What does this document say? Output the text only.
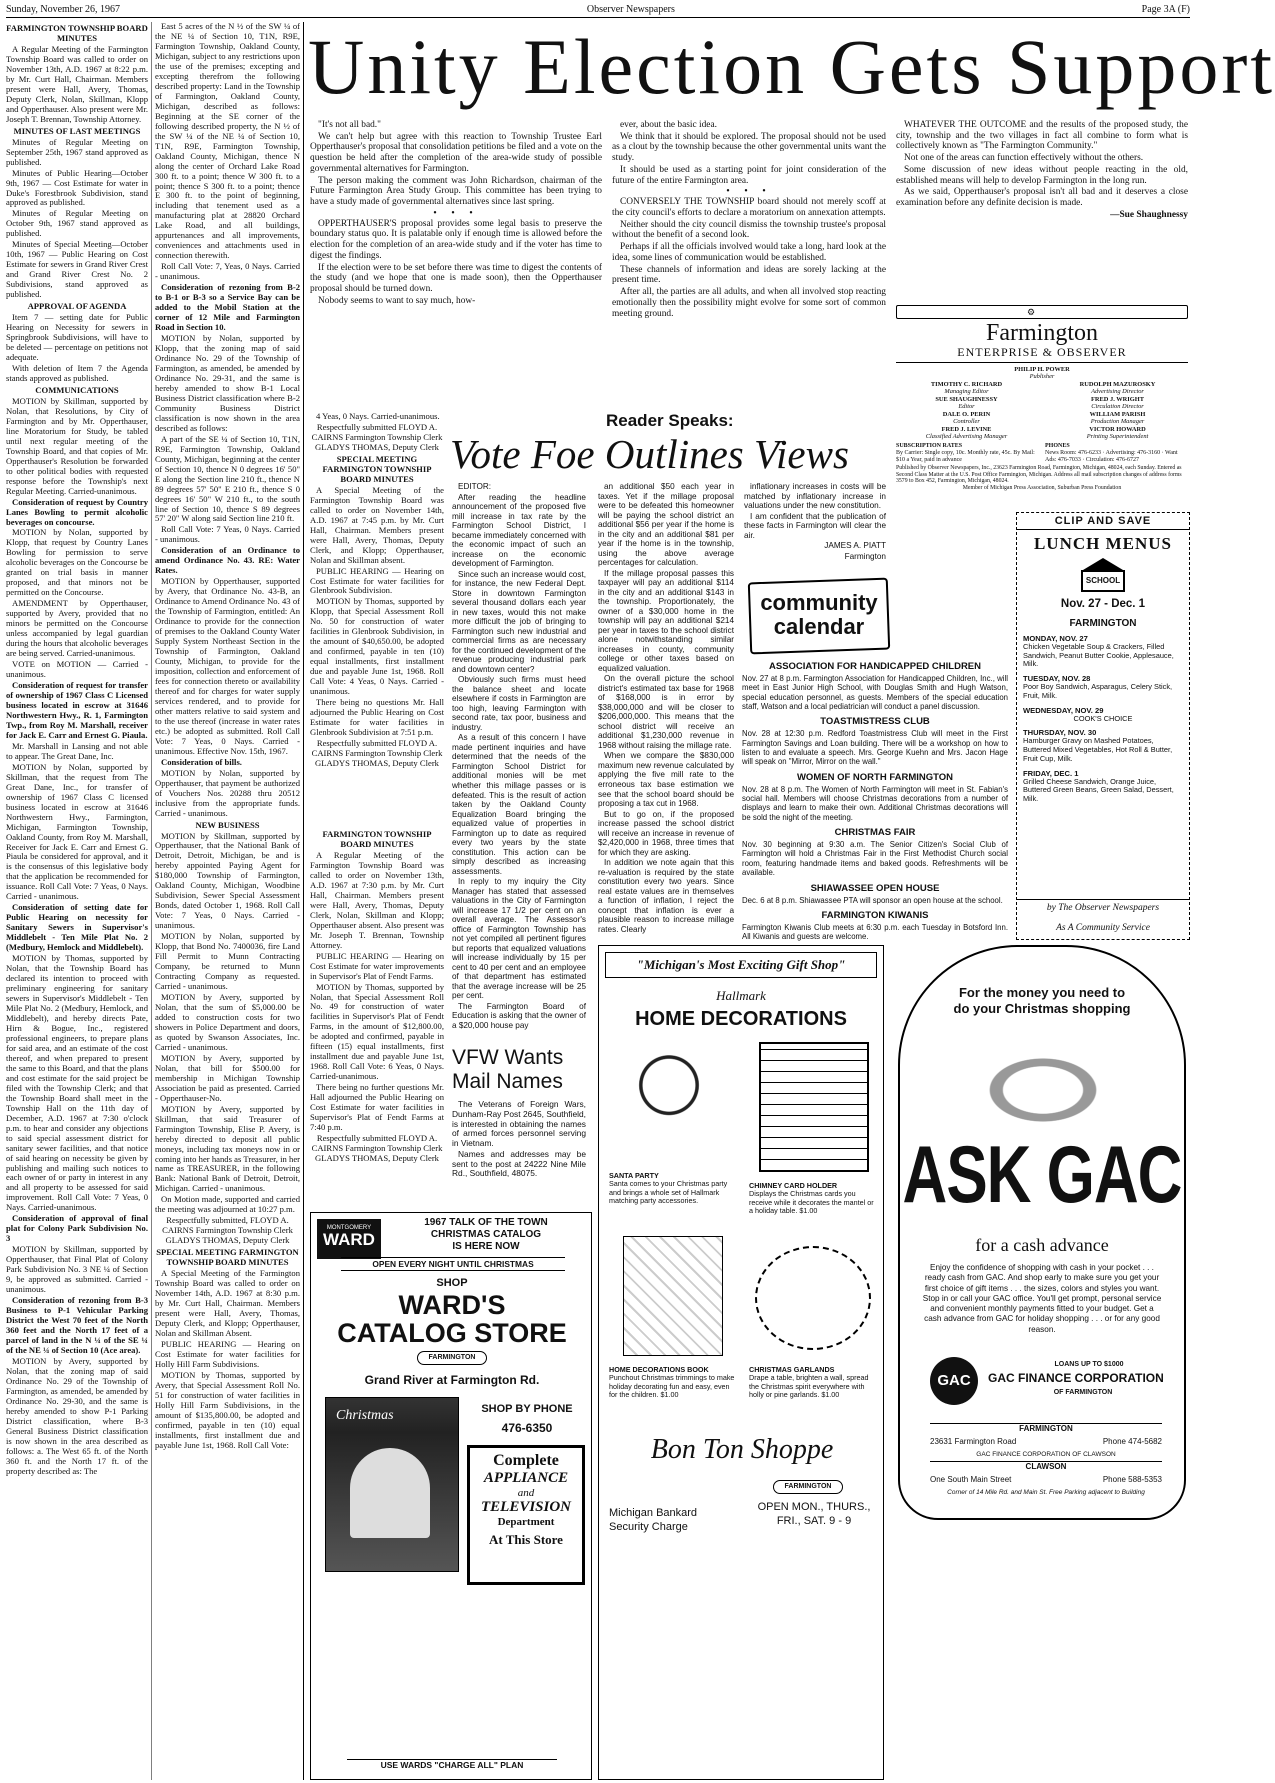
Sunday, November 26, 1967	Observer Newspapers	Page 3A (F)
FARMINGTON TOWNSHIP BOARD MINUTES

A Regular Meeting of the Farmington Township Board was called to order on November 13th, A.D. 1967 at 8:22 p.m. by Mr. Curt Hall, Chairman. Members present were Hall, Avery, Thomas, Deputy Clerk, Nolan, Skillman, Klopp and Opperthauser. Also present were Mr. Joseph T. Brennan, Township Attorney.

MINUTES OF LAST MEETINGS

Minutes of Regular Meeting on September 25th, 1967 stand approved as published.

Minutes of Public Hearing—October 9th, 1967 — Cost Estimate for water in Duke's Forestbrook Subdivision, stand approved as published.

Minutes of Regular Meeting on October 9th, 1967 stand approved as published.

Minutes of Special Meeting—October 10th, 1967 — Public Hearing on Cost Estimate for sewers in Grand River Crest and Grand River Crest No. 2 Subdivisions, stand approved as published.

APPROVAL OF AGENDA

Item 7 — setting date for Public Hearing on Necessity for sewers in Springbrook Subdivisions, will have to be deleted — percentage on petitions not adequate.

With deletion of Item 7 the Agenda stands approved as published.

COMMUNICATIONS

MOTION by Skillman, supported by Nolan, that Resolutions, by City of Farmington and by Mr. Opperthauser, line Moratorium for Study, be tabled until next regular meeting of the Township Board, and that copies of Mr. Opperthauser's Resolution be forwarded to other political bodies with requested response before the Township's next Regular Meeting. Carried-unanimous.

Consideration of request by Country Lanes Bowling to permit alcoholic beverages on concourse.

MOTION by Nolan, supported by Klopp, that request by Country Lanes Bowling for permission to serve alcoholic beverages on the Concourse be granted on trial basis in manner proposed, and that minors not be permitted on the Concourse.

AMENDMENT by Opperthauser, supported by Avery, provided that no minors be permitted on the Concourse unless accompanied by legal guardian during the hours that alcoholic beverages are being served. Carried-unanimous.

VOTE on MOTION — Carried - unanimous.

Consideration of request for transfer of ownership of 1967 Class C Licensed business located in escrow at 31646 Northwestern Hwy., R. 1, Farmington Twp., from Roy M. Marshall, receiver for Jack E. Carr and Ernest G. Piaula.

Mr. Marshall in Lansing and not able to appear. The Great Dane, Inc.

MOTION by Nolan, supported by Skillman, that the request from The Great Dane, Inc., for transfer of ownership of 1967 Class C licensed business located in escrow at 31646 Northwestern Hwy., Farmington, Michigan, Farmington Township, Oakland County, from Roy M. Marshall, Receiver for Jack E. Carr and Ernest G. Piaula be considered for approval, and it is the consensus of this legislative body that the application be recommended for issuance. Roll Call Vote: 7 Yeas, 0 Nays. Carried - unanimous.

Consideration of setting date for Public Hearing on necessity for Sanitary Sewers in Supervisor's Middlebelt - Ten Mile Plat No. 2 (Medbury, Hemlock and Middlebelt).

MOTION by Thomas, supported by Nolan, that the Township Board has declared its intention to proceed with preliminary engineering for sanitary sewers in Supervisor's Middlebelt - Ten Mile Plat No. 2 (Medbury, Hemlock, and Middlebelt), and hereby directs Pate, Hirn & Bogue, Inc., registered professional engineers, to prepare plans for said area, and an estimate of the cost thereof, and when prepared to present the same to this Board, and that the plans and cost estimate for the said project be filed with the Township Clerk; and that the Township Board shall meet in the Township Hall on the 11th day of December, A.D. 1967 at 7:30 o'clock p.m. to hear and consider any objections to said special assessment district for sanitary sewer facilities, and that notice of said hearing on necessity be given by publishing and mailing such notices to each owner of or party in interest in any and all property to be assessed for said improvement. Roll Call Vote: 7 Yeas, 0 Nays. Carried-unanimous.

Consideration of approval of final plat for Colony Park Subdivision No. 3

MOTION by Skillman, supported by Opperthauser, that Final Plat of Colony Park Subdivision No. 3 NE ¼ of Section 9, be approved as submitted. Carried - unanimous.

Consideration of rezoning from B-3 Business to P-1 Vehicular Parking District the West 70 feet of the North 360 feet and the North 17 feet of a parcel of land in the N ¼ of the SE ¼ of the NE ¼ of Section 10 (Ace area).

MOTION by Avery, supported by Nolan, that the zoning map of said Ordinance No. 29 of the Township of Farmington, as amended, be amended by Ordinance No. 29-30, and the same is hereby amended to show P-1 Parking District classification, where B-3 General Business District classification is now shown in the area described as follows: a. The West 65 ft. of the North 360 ft. and the North 17 ft. of the property described as: The

East 5 acres of the N ½ of the SW ¼ of the NE ¼ of Section 10, T1N, R9E, Farmington Township, Oakland County, Michigan, subject to any restrictions upon the use of the premises; excepting and excepting therefrom the following described property: Land in the Township of Farmington, Oakland County, Michigan, described as follows: Beginning at the SE corner of the following described property, the N ½ of the SW ¼ of the NE ¼ of Section 10, T1N, R9E, Farmington Township, Oakland County, Michigan, thence N along the center of Orchard Lake Road 300 ft. to a point; thence W 300 ft. to a point; thence S 300 ft. to a point; thence E 300 ft. to the point of beginning, including that tenement used as a manufacturing plat at 28820 Orchard Lake Road, and all buildings, appurtenances and all improvements, conveniences and attachments used in connection therewith.

Roll Call Vote: 7, Yeas, 0 Nays. Carried - unanimous.

Consideration of rezoning from B-2 to B-1 or B-3 so a Service Bay can be added to the Mobil Station at the corner of 12 Mile and Farmington Road in Section 10.

MOTION by Nolan, supported by Klopp, that the zoning map of said Ordinance No. 29 of the Township of Farmington, as amended, be amended by Ordinance No. 29-31, and the same is hereby amended to show B-1 Local Business District classification where B-2 Community Business District classification is now shown in the area described as follows:

A part of the SE ¼ of Section 10, T1N, R9E, Farmington Township, Oakland County, Michigan, beginning at the center of Section 10, thence N 0 degrees 16' 50" E along the Section line 210 ft., thence N 89 degrees 57' 50" E 210 ft., thence S 0 degrees 16' 50" W 210 ft., to the south line of Section 10, thence S 89 degrees 57' 20" W along said Section line 210 ft.

Roll Call Vote: 7 Yeas, 0 Nays. Carried - unanimous.

Consideration of an Ordinance to amend Ordinance No. 43. RE: Water Rates.

MOTION by Opperthauser, supported by Avery, that Ordinance No. 43-B, an Ordinance to Amend Ordinance No. 43 of the Township of Farmington, entitled: An Ordinance to provide for the connection of premises to the Oakland County Water Supply System Northeast Section in the Township of Farmington, Oakland County, Michigan, to provide for the imposition, collection and enforcement of fees for connection thereto or availability thereof and for charges for water supply services rendered, and to provide for other matters relative to said system and to the use thereof (increase in water rates etc.) be adopted as submitted. Roll Call Vote: 7 Yeas, 0 Nays. Carried - unanimous. Effective Nov. 15th, 1967.

Consideration of bills.

MOTION by Nolan, supported by Opperthauser, that payment be authorized of Vouchers Nos. 20288 thru 20512 inclusive from the appropriate funds. Carried - unanimous.

NEW BUSINESS

MOTION by Skillman, supported by Opperthauser, that the National Bank of Detroit, Detroit, Michigan, be and is hereby appointed Paying Agent for $180,000 Township of Farmington, Oakland County, Michigan, Woodbine Subdivision, Sewer Special Assessment Bonds, dated October 1, 1968. Roll Call Vote: 7 Yeas, 0 Nays. Carried - unanimous.

MOTION by Nolan, supported by Klopp, that Bond No. 7400036, fire Land Fill Permit to Munn Contracting Company, be returned to Munn Contracting Company as requested. Carried - unanimous.

MOTION by Avery, supported by Nolan, that the sum of $5,000.00 be added to construction costs for two showers in Police Department and doors, as quoted by Swanson Associates, Inc. Carried - unanimous.

MOTION by Avery, supported by Nolan, that bill for $500.00 for membership in Michigan Township Association be paid as presented. Carried - Opperthauser-No.

MOTION by Avery, supported by Skillman, that said Treasurer of Farmington Township, Elise P. Avery, is hereby directed to deposit all public moneys, including tax moneys now in or coming into her hands as Treasurer, in her name as TREASURER, in the following Bank: National Bank of Detroit, Detroit, Michigan. Carried - unanimous.

On Motion made, supported and carried the meeting was adjourned at 10:27 p.m.

Respectfully submitted, FLOYD A. CAIRNS Farmington Township Clerk GLADYS THOMAS, Deputy Clerk

SPECIAL MEETING FARMINGTON TOWNSHIP BOARD MINUTES

A Special Meeting of the Farmington Township Board was called to order on November 14th, A.D. 1967 at 8:30 p.m. by Mr. Curt Hall, Chairman. Members present were Hall, Avery, Thomas, Deputy Clerk, and Klopp; Opperthauser, Nolan and Skillman Absent.

PUBLIC HEARING — Hearing on Cost Estimate for water facilities for Holly Hill Farm Subdivisions.

MOTION by Thomas, supported by Avery, that Special Assessment Roll No. 51 for construction of water facilities in Holly Hill Farm Subdivisions, in the amount of $135,800.00, be adopted and confirmed, payable in ten (10) equal installments, first installment due and payable June 1st, 1968. Roll Call Vote:

Unity Election Gets Support

"It's not all bad."

We can't help but agree with this reaction to Township Trustee Earl Opperthauser's proposal that consolidation petitions be filed and a vote on the question be held after the completion of the area-wide study of possible governmental alternatives for Farmington.

The person making the comment was John Richardson, chairman of the Future Farmington Area Study Group. This committee has been trying to have a study made of governmental alternatives since last spring.

• • •

OPPERTHAUSER'S proposal provides some legal basis to preserve the boundary status quo. It is palatable only if enough time is allowed before the election for the completion of an area-wide study and if the voter has time to digest the findings.

If the election were to be set before there was time to digest the contents of the study (and we hope that one is made soon), then the Opperthauser proposal should be turned down.

Nobody seems to want to say much, how-

ever, about the basic idea.

We think that it should be explored. The proposal should not be used as a clout by the township because the other governmental units want the study.

It should be used as a starting point for joint consideration of the future of the entire Farmington area.

• • •

CONVERSELY THE TOWNSHIP board should not merely scoff at the city council's efforts to declare a moratorium on annexation attempts.

Neither should the city council dismiss the township trustee's proposal without the benefit of a second look.

Perhaps if all the officials involved would take a long, hard look at the idea, some lines of communication would be established.

These channels of information and ideas are sorely lacking at the present time.

After all, the parties are all adults, and when all involved stop reacting emotionally then the possibility might evolve for some sort of common meeting ground.

WHATEVER THE OUTCOME and the results of the proposed study, the city, township and the two villages in fact all combine to form what is collectively known as "The Farmington Community."

Not one of the areas can function effectively without the others.

Some discussion of new ideas without people reacting in the old, established means will help to develop Farmington in the long run.

As we said, Opperthauser's proposal isn't all bad and it deserves a close examination before any definite decision is made.

—Sue Shaughnessy

⚙
Farmington
ENTERPRISE & OBSERVER
PHILIP H. POWER
Publisher
TIMOTHY C. RICHARD
Managing Editor
RUDOLPH MAZUROSKY
Advertising Director
SUE SHAUGHNESSY
Editor
FRED J. WRIGHT
Circulation Director
DALE O. PERIN
Controller
WILLIAM PARISH
Production Manager
FRED J. LEVINE
Classified Advertising Manager
VICTOR HOWARD
Printing Superintendent
SUBSCRIPTION RATES
By Carrier: Single copy, 10c. Monthly rate, 45c. By Mail: $10 a Year, paid in advance
PHONES
News Room: 476-6233 · Advertising: 476-3160 · Want Ads: 476-7033 · Circulation: 476-6727
Published by Observer Newspapers, Inc., 23623 Farmington Road, Farmington, Michigan, 48024, each Sunday. Entered as Second Class Matter at the U.S. Post Office Farmington, Michigan. Address all mail subscription changes of address forms 3579 to Box 452, Farmington, Michigan, 48024.
Member of Michigan Press Association, Suburban Press Foundation
Reader Speaks:
Vote Foe Outlines Views

4 Yeas, 0 Nays. Carried-unanimous.

Respectfully submitted FLOYD A. CAIRNS Farmington Township Clerk GLADYS THOMAS, Deputy Clerk

SPECIAL MEETING FARMINGTON TOWNSHIP BOARD MINUTES

A Special Meeting of the Farmington Township Board was called to order on November 14th, A.D. 1967 at 7:45 p.m. by Mr. Curt Hall, Chairman. Members present were Hall, Avery, Thomas, Deputy Clerk, and Klopp; Opperthauser, Nolan and Skillman absent.

PUBLIC HEARING — Hearing on Cost Estimate for water facilities for Glenbrook Subdivision.

MOTION by Thomas, supported by Klopp, that Special Assessment Roll No. 50 for construction of water facilities in Glenbrook Subdivision, in the amount of $40,650.00, be adopted and confirmed, payable in ten (10) equal installments, first installment due and payable June 1st, 1968. Roll Call Vote: 4 Yeas, 0 Nays. Carried - unanimous.

There being no questions Mr. Hall adjourned the Public Hearing on Cost Estimate for water facilities in Glenbrook Subdivision at 7:51 p.m.

Respectfully submitted FLOYD A. CAIRNS Farmington Township Clerk GLADYS THOMAS, Deputy Clerk

FARMINGTON TOWNSHIP BOARD MINUTES

A Regular Meeting of the Farmington Township Board was called to order on November 13th, A.D. 1967 at 7:30 p.m. by Mr. Curt Hall, Chairman. Members present were Hall, Avery, Thomas, Deputy Clerk, Nolan, Skillman and Klopp; Opperthauser absent. Also present was Mr. Joseph T. Brennan, Township Attorney.

PUBLIC HEARING — Hearing on Cost Estimate for water improvements in Supervisor's Plat of Fendt Farms.

MOTION by Thomas, supported by Nolan, that Special Assessment Roll No. 49 for construction of water facilities in Supervisor's Plat of Fendt Farms, in the amount of $12,800.00, be adopted and confirmed, payable in fifteen (15) equal installments, first installment due and payable June 1st, 1968. Roll Call Vote: 6 Yeas, 0 Nays. Carried-unanimous.

There being no further questions Mr. Hall adjourned the Public Hearing on Cost Estimate for water facilities in Supervisor's Plat of Fendt Farms at 7:40 p.m.

Respectfully submitted FLOYD A. CAIRNS Farmington Township Clerk GLADYS THOMAS, Deputy Clerk

EDITOR:

After reading the headline announcement of the proposed five mill increase in tax rate by the Farmington School District, I became immediately concerned with the economic impact of such an increase on the economic development of Farmington.

Since such an increase would cost, for instance, the new Federal Dept. Store in downtown Farmington several thousand dollars each year in new taxes, would this not make more difficult the job of bringing to Farmington such new industrial and commercial firms as are necessary for the continued development of the revenue producing industrial park and downtown center?

Obviously such firms must heed the balance sheet and locate elsewhere if costs in Farmington are too high, leaving Farmington with second rate, tax poor, business and industry.

As a result of this concern I have made pertinent inquiries and have determined that the needs of the Farmington School District for additional monies will be met whether this millage passes or is defeated. This is the result of action taken by the Oakland County Equalization Board bringing the equalized value of properties in Farmington up to date as required every two years by the state constitution. This action can be simply described as increasing assessments.

In reply to my inquiry the City Manager has stated that assessed valuations in the City of Farmington will increase 17 1/2 per cent on an overall average. The Assessor's office of Farmington Township has not yet compiled all pertinent figures but reports that equalized valuations will increase individually by 15 per cent to 40 per cent and an employee of that department has estimated that the average increase will be 25 per cent.

The Farmington Board of Education is asking that the owner of a $20,000 house pay

an additional $50 each year in taxes. Yet if the millage proposal were to be defeated this homeowner will be paying the school district an additional $56 per year if the home is in the city and an additional $81 per year if the home is in the township, using the above average percentages for calculation.

If the millage proposal passes this taxpayer will pay an additional $114 in the city and an additional $143 in the township. Proportionately, the owner of a $30,000 home in the township will pay an additional $214 per year in taxes to the school district alone notwithstanding similar increases in county, community college or other taxes based on equalized valuation.

On the overall picture the school district's estimated tax base for 1968 of $168,000 is in error by $38,000,000 and will be closer to $206,000,000. This means that the school district will receive an additional $1,230,000 revenue in 1968 without raising the millage rate.

When we compare the $830,000 maximum new revenue calculated by applying the five mill rate to the erroneous tax base estimation we see that the school board should be proposing a tax cut in 1968.

But to go on, if the proposed increase passed the school district will receive an increase in revenue of $2,420,000 in 1968, three times that for which they are asking.

In addition we note again that this re-valuation is required by the state constitution every two years. Since real estate values are in themselves a function of inflation, I reject the concept that inflation is ever a plausible reason to increase millage rates. Clearly

inflationary increases in costs will be matched by inflationary increase in valuations under the new constitution.

I am confident that the publication of these facts in Farmington will clear the air.

JAMES A. PIATT

Farmington

community
calendar
ASSOCIATION FOR HANDICAPPED CHILDREN

Nov. 27 at 8 p.m. Farmington Association for Handicapped Children, Inc., will meet in East Junior High School, with Douglas Smith and Hugh Watson, special education personnel, as guests. Members of the special education staff, Watson and a local pediatrician will conduct a panel discussion.

TOASTMISTRESS CLUB

Nov. 28 at 12:30 p.m. Redford Toastmistress Club will meet in the First Farmington Savings and Loan building. There will be a workshop on how to listen to and evaluate a speech. Mrs. George Kuehn and Mrs. Jacon Hage will speak on "Mirror, Mirror on the wall."

WOMEN OF NORTH FARMINGTON

Nov. 28 at 8 p.m. The Women of North Farmington will meet in St. Fabian's social hall. Members will choose Christmas decorations from a number of displays and learn to make their own. Additional Christmas decorations will be sold the night of the meeting.

CHRISTMAS FAIR

Nov. 30 beginning at 9:30 a.m. The Senior Citizen's Social Club of Farmington will hold a Christmas Fair in the First Methodist Church social room, featuring handmade items and baked goods. Refreshments will be available.

SHIAWASSEE OPEN HOUSE

Dec. 6 at 8 p.m. Shiawassee PTA will sponsor an open house at the school.

FARMINGTON KIWANIS

Farmington Kiwanis Club meets at 6:30 p.m. each Tuesday in Botsford Inn. All Kiwanis and guests are welcome.

CLIP AND SAVE
LUNCH MENUS
SCHOOL
Nov. 27 - Dec. 1
FARMINGTON
MONDAY, NOV. 27
Chicken Vegetable Soup & Crackers, Filled Sandwich, Peanut Butter Cookie, Applesauce, Milk.
TUESDAY, NOV. 28
Poor Boy Sandwich, Asparagus, Celery Stick, Fruit, Milk.
WEDNESDAY, NOV. 29
COOK'S CHOICE
THURSDAY, NOV. 30
Hamburger Gravy on Mashed Potatoes, Buttered Mixed Vegetables, Hot Roll & Butter, Fruit Cup, Milk.
FRIDAY, DEC. 1
Grilled Cheese Sandwich, Orange Juice, Buttered Green Beans, Green Salad, Dessert, Milk.
by The Observer Newspapers
As A Community Service
VFW Wants Mail Names

The Veterans of Foreign Wars, Dunham-Ray Post 2645, Southfield, is interested in obtaining the names of armed forces personnel serving in Vietnam.

Names and addresses may be sent to the post at 24222 Nine Mile Rd., Southfield, 48075.

MONTGOMERY
WARD
1967 TALK OF THE TOWN
CHRISTMAS CATALOG
IS HERE NOW
OPEN EVERY NIGHT UNTIL CHRISTMAS
SHOP
WARD'S
CATALOG STORE
FARMINGTON
Grand River at Farmington Rd.
Christmas	SHOP BY PHONE
476-6350
Complete
APPLIANCE
and
TELEVISION
Department
At This Store
USE WARDS "CHARGE ALL" PLAN
"Michigan's Most Exciting Gift Shop"
Hallmark
HOME DECORATIONS
SANTA PARTY
Santa comes to your Christmas party and brings a whole set of Hallmark matching party accessories.
CHIMNEY CARD HOLDER
Displays the Christmas cards you receive while it decorates the mantel or a holiday table. $1.00
HOME DECORATIONS BOOK
Punchout Christmas trimmings to make holiday decorating fun and easy, even for the children. $1.00
CHRISTMAS GARLANDS
Drape a table, brighten a wall, spread the Christmas spirit everywhere with holly or pine garlands. $1.00
Bon Ton Shoppe
FARMINGTON
Michigan Bankard
Security Charge
OPEN MON., THURS.,
FRI., SAT. 9 - 9
For the money you need to
do your Christmas shopping
ASK GAC
for a cash advance
Enjoy the confidence of shopping with cash in your pocket . . . ready cash from GAC. And shop early to make sure you get your first choice of gift items . . . the sizes, colors and styles you want. Stop in or call your GAC office. You'll get prompt, personal service and convenient monthly payments fitted to your budget. Get a cash advance from GAC for holiday shopping . . . or for any good reason.
LOANS UP TO $1000
GAC	GAC FINANCE CORPORATION
OF FARMINGTON
FARMINGTON
23631 Farmington Road	Phone 474-5682
GAC FINANCE CORPORATION OF CLAWSON
CLAWSON
One South Main Street	Phone 588-5353
Corner of 14 Mile Rd. and Main St. Free Parking adjacent to Building
